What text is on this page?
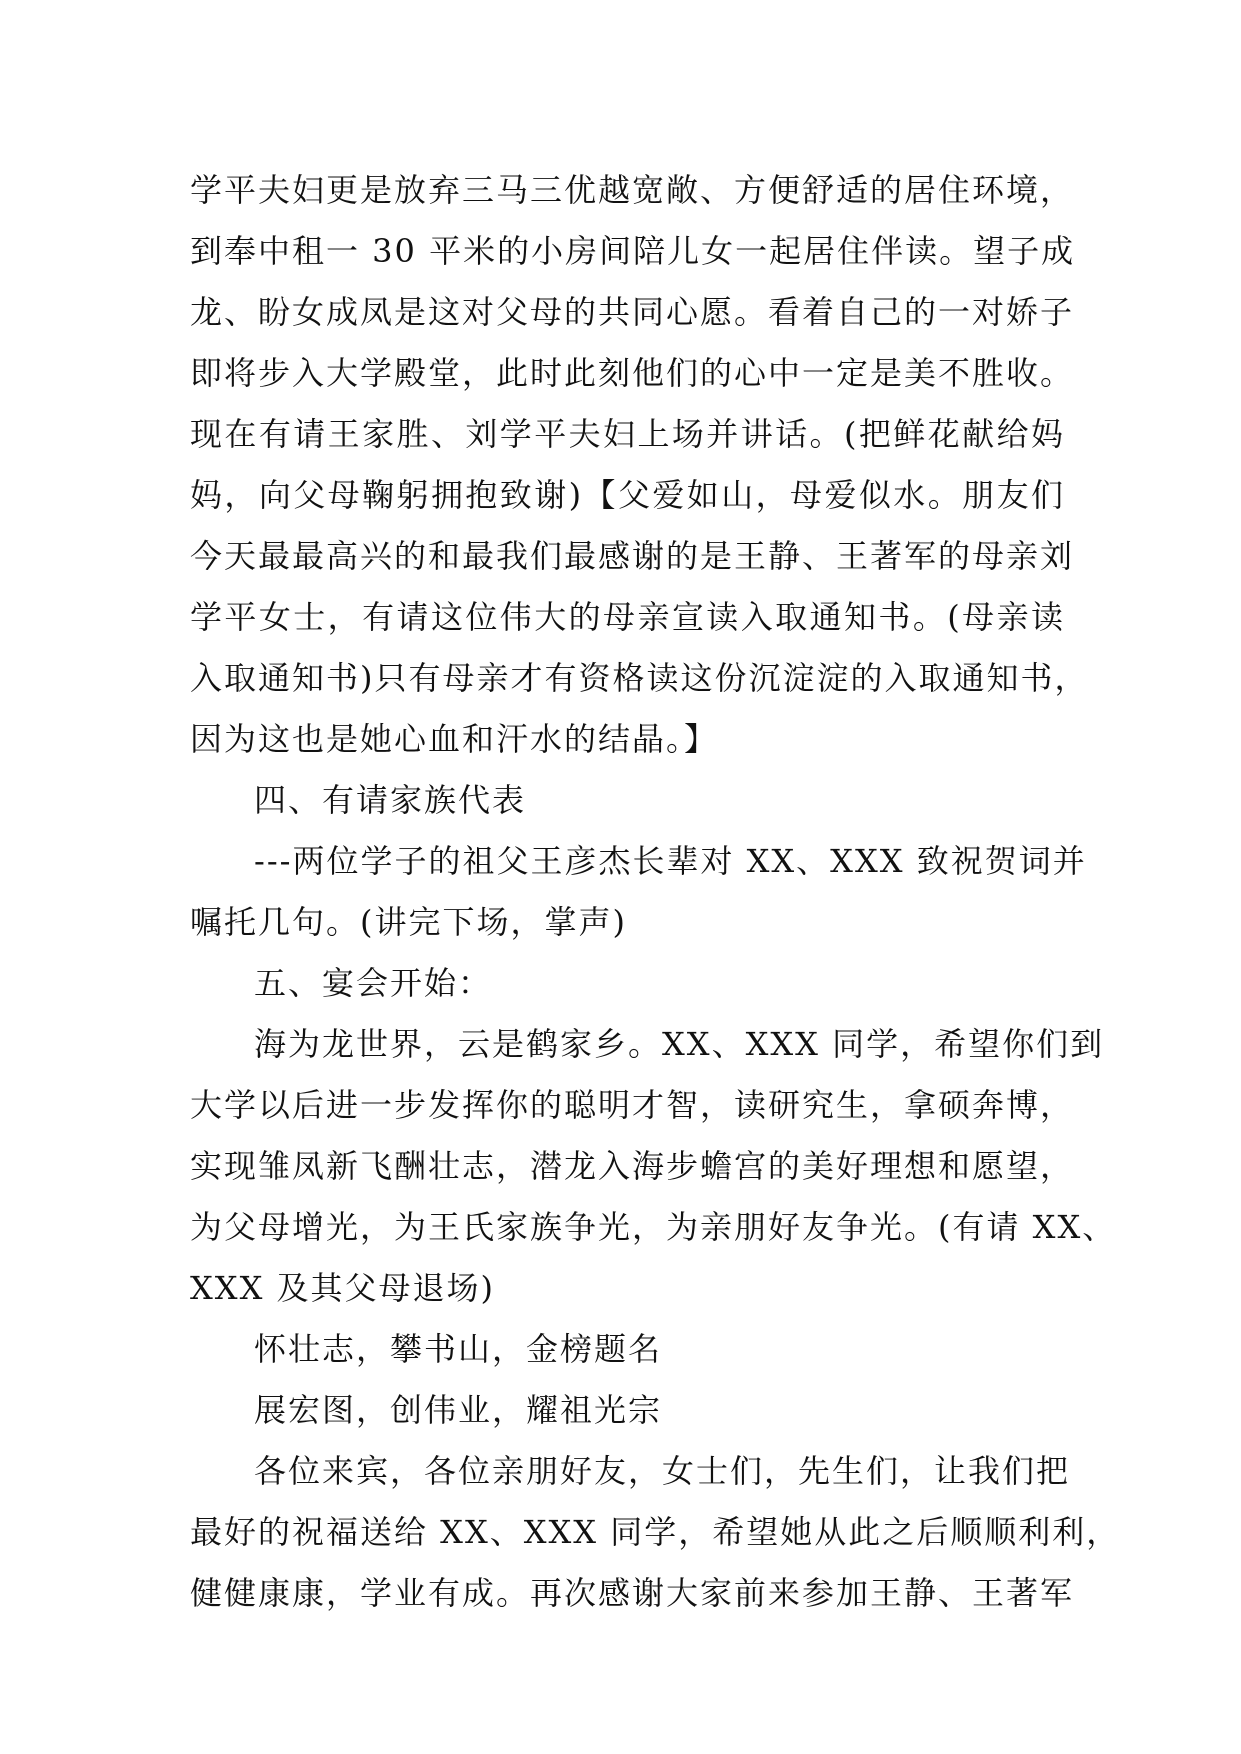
学平夫妇更是放弃三马三优越宽敞、方便舒适的居住环境，
到奉中租一 30 平米的小房间陪儿女一起居住伴读。望子成
龙、盼女成凤是这对父母的共同心愿。看着自己的一对娇子
即将步入大学殿堂，此时此刻他们的心中一定是美不胜收。
现在有请王家胜、刘学平夫妇上场并讲话。(把鲜花献给妈
妈，向父母鞠躬拥抱致谢)【父爱如山，母爱似水。朋友们
今天最最高兴的和最我们最感谢的是王静、王著军的母亲刘
学平女士，有请这位伟大的母亲宣读入取通知书。(母亲读
入取通知书)只有母亲才有资格读这份沉淀淀的入取通知书，
因为这也是她心血和汗水的结晶。】
四、有请家族代表
---两位学子的祖父王彦杰长辈对 XX、XXX 致祝贺词并
嘱托几句。(讲完下场，掌声)
五、宴会开始：
海为龙世界，云是鹤家乡。XX、XXX 同学，希望你们到
大学以后进一步发挥你的聪明才智，读研究生，拿硕奔博，
实现雏凤新飞酬壮志，潜龙入海步蟾宫的美好理想和愿望，
为父母增光，为王氏家族争光，为亲朋好友争光。(有请 XX、
XXX 及其父母退场)
怀壮志，攀书山，金榜题名
展宏图，创伟业，耀祖光宗
各位来宾，各位亲朋好友，女士们，先生们，让我们把
最好的祝福送给 XX、XXX 同学，希望她从此之后顺顺利利，
健健康康，学业有成。再次感谢大家前来参加王静、王著军
